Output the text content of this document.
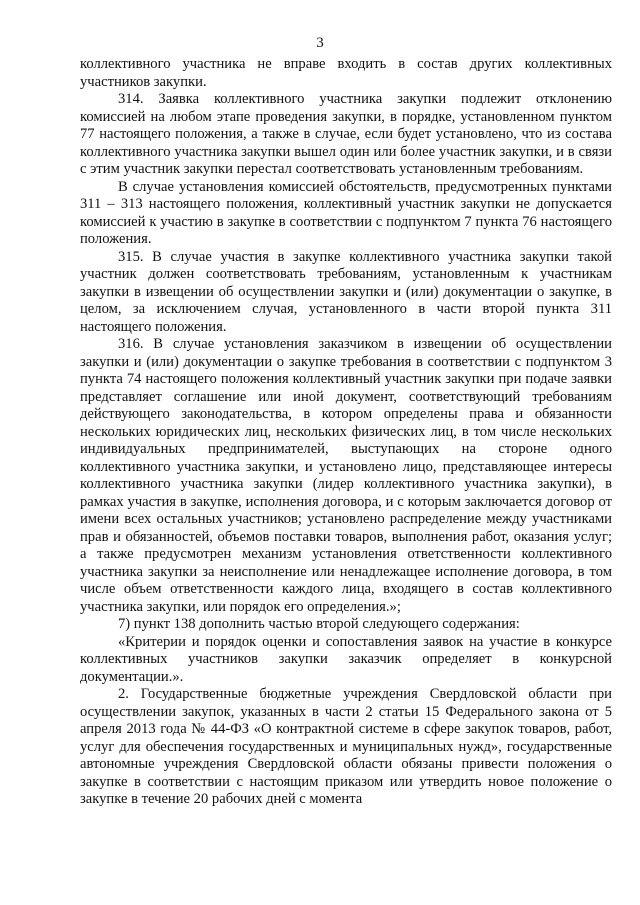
3

коллективного участника не вправе входить в состав других коллективных участников закупки.

314. Заявка коллективного участника закупки подлежит отклонению комиссией на любом этапе проведения закупки, в порядке, установленном пунктом 77 настоящего положения, а также в случае, если будет установлено, что из состава коллективного участника закупки вышел один или более участник закупки, и в связи с этим участник закупки перестал соответствовать установленным требованиям.

В случае установления комиссией обстоятельств, предусмотренных пунктами 311 – 313 настоящего положения, коллективный участник закупки не допускается комиссией к участию в закупке в соответствии с подпунктом 7 пункта 76 настоящего положения.

315. В случае участия в закупке коллективного участника закупки такой участник должен соответствовать требованиям, установленным к участникам закупки в извещении об осуществлении закупки и (или) документации о закупке, в целом, за исключением случая, установленного в части второй пункта 311 настоящего положения.

316. В случае установления заказчиком в извещении об осуществлении закупки и (или) документации о закупке требования в соответствии с подпунктом 3 пункта 74 настоящего положения коллективный участник закупки при подаче заявки представляет соглашение или иной документ, соответствующий требованиям действующего законодательства, в котором определены права и обязанности нескольких юридических лиц, нескольких физических лиц, в том числе нескольких индивидуальных предпринимателей, выступающих на стороне одного коллективного участника закупки, и установлено лицо, представляющее интересы коллективного участника закупки (лидер коллективного участника закупки), в рамках участия в закупке, исполнения договора, и с которым заключается договор от имени всех остальных участников; установлено распределение между участниками прав и обязанностей, объемов поставки товаров, выполнения работ, оказания услуг; а также предусмотрен механизм установления ответственности коллективного участника закупки за неисполнение или ненадлежащее исполнение договора, в том числе объем ответственности каждого лица, входящего в состав коллективного участника закупки, или порядок его определения.»;

7) пункт 138 дополнить частью второй следующего содержания:

«Критерии и порядок оценки и сопоставления заявок на участие в конкурсе коллективных участников закупки заказчик определяет в конкурсной документации.».

2. Государственные бюджетные учреждения Свердловской области при осуществлении закупок, указанных в части 2 статьи 15 Федерального закона от 5 апреля 2013 года № 44-ФЗ «О контрактной системе в сфере закупок товаров, работ, услуг для обеспечения государственных и муниципальных нужд», государственные автономные учреждения Свердловской области обязаны привести положения о закупке в соответствии с настоящим приказом или утвердить новое положение о закупке в течение 20 рабочих дней с момента
